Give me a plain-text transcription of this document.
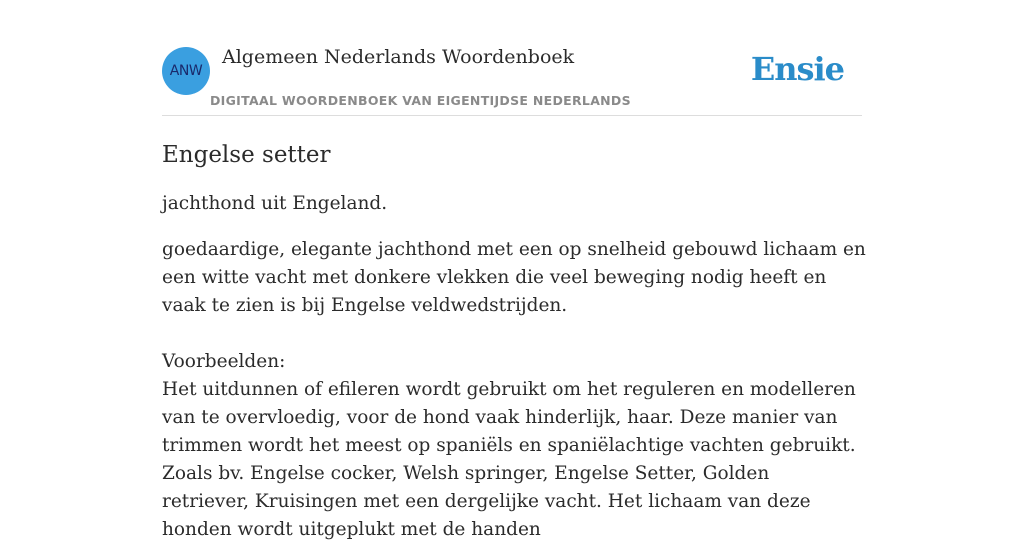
ANW
Algemeen Nederlands Woordenboek
DIGITAAL WOORDENBOEK VAN EIGENTIJDSE NEDERLANDS
Ensie
Engelse setter

jachthond uit Engeland.

goedaardige, elegante jachthond met een op snelheid gebouwd lichaam en een witte vacht met donkere vlekken die veel beweging nodig heeft en vaak te zien is bij Engelse veldwedstrijden.

Voorbeelden:

Het uitdunnen of efileren wordt gebruikt om het reguleren en modelleren van te overvloedig, voor de hond vaak hinderlijk, haar. Deze manier van trimmen wordt het meest op spaniëls en spaniëlachtige vachten gebruikt. Zoals bv. Engelse cocker, Welsh springer, Engelse Setter, Golden retriever, Kruisingen met een dergelijke vacht. Het lichaam van deze honden wordt uitgeplukt met de handen
